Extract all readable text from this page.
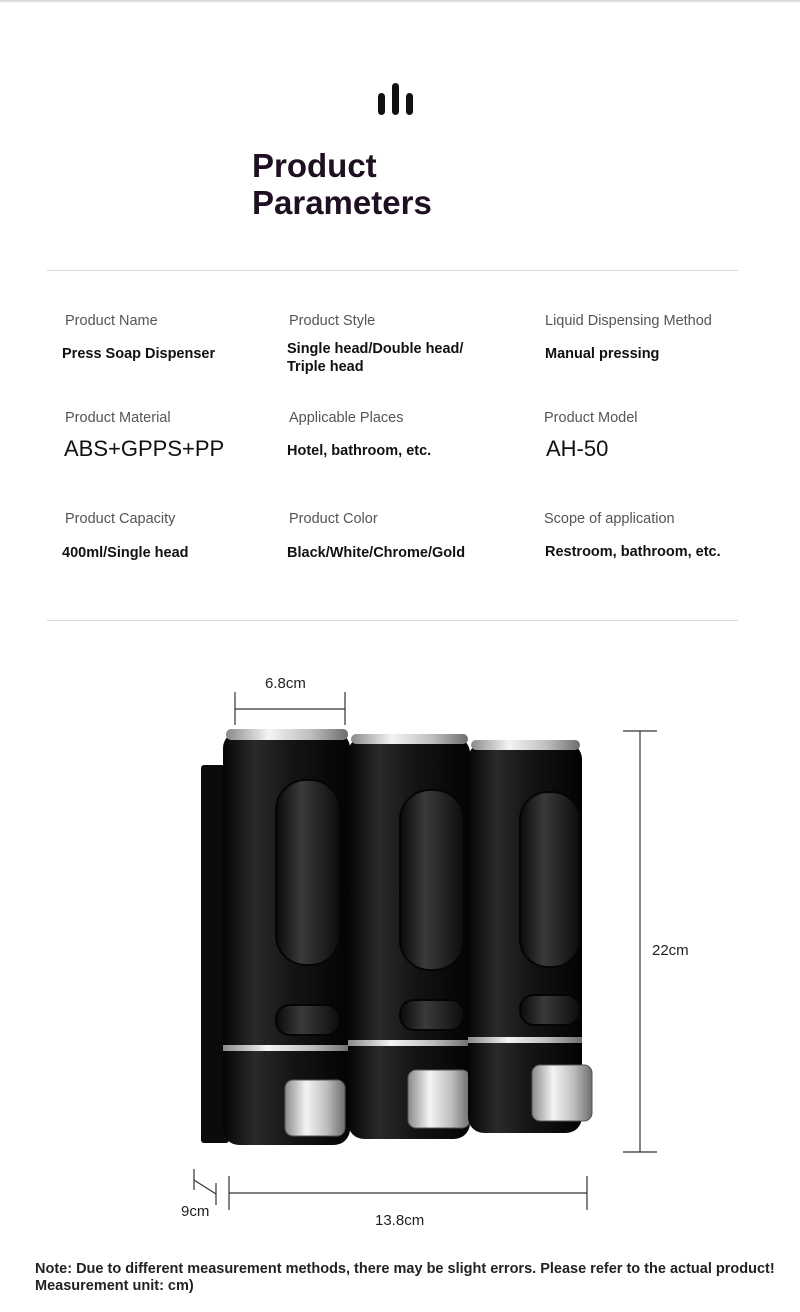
Product
Parameters
Product Name
Press Soap Dispenser
Product Style
Single head/Double head/
Triple head
Liquid Dispensing Method
Manual pressing
Product Material
ABS+GPPS+PP
Applicable Places
Hotel, bathroom, etc.
Product Model
AH-50
Product Capacity
400ml/Single head
Product Color
Black/White/Chrome/Gold
Scope of application
Restroom, bathroom, etc.
6.8cm
22cm
9cm
13.8cm
Note: Due to different measurement methods, there may be slight errors. Please refer to the actual product!
Measurement unit: cm)
